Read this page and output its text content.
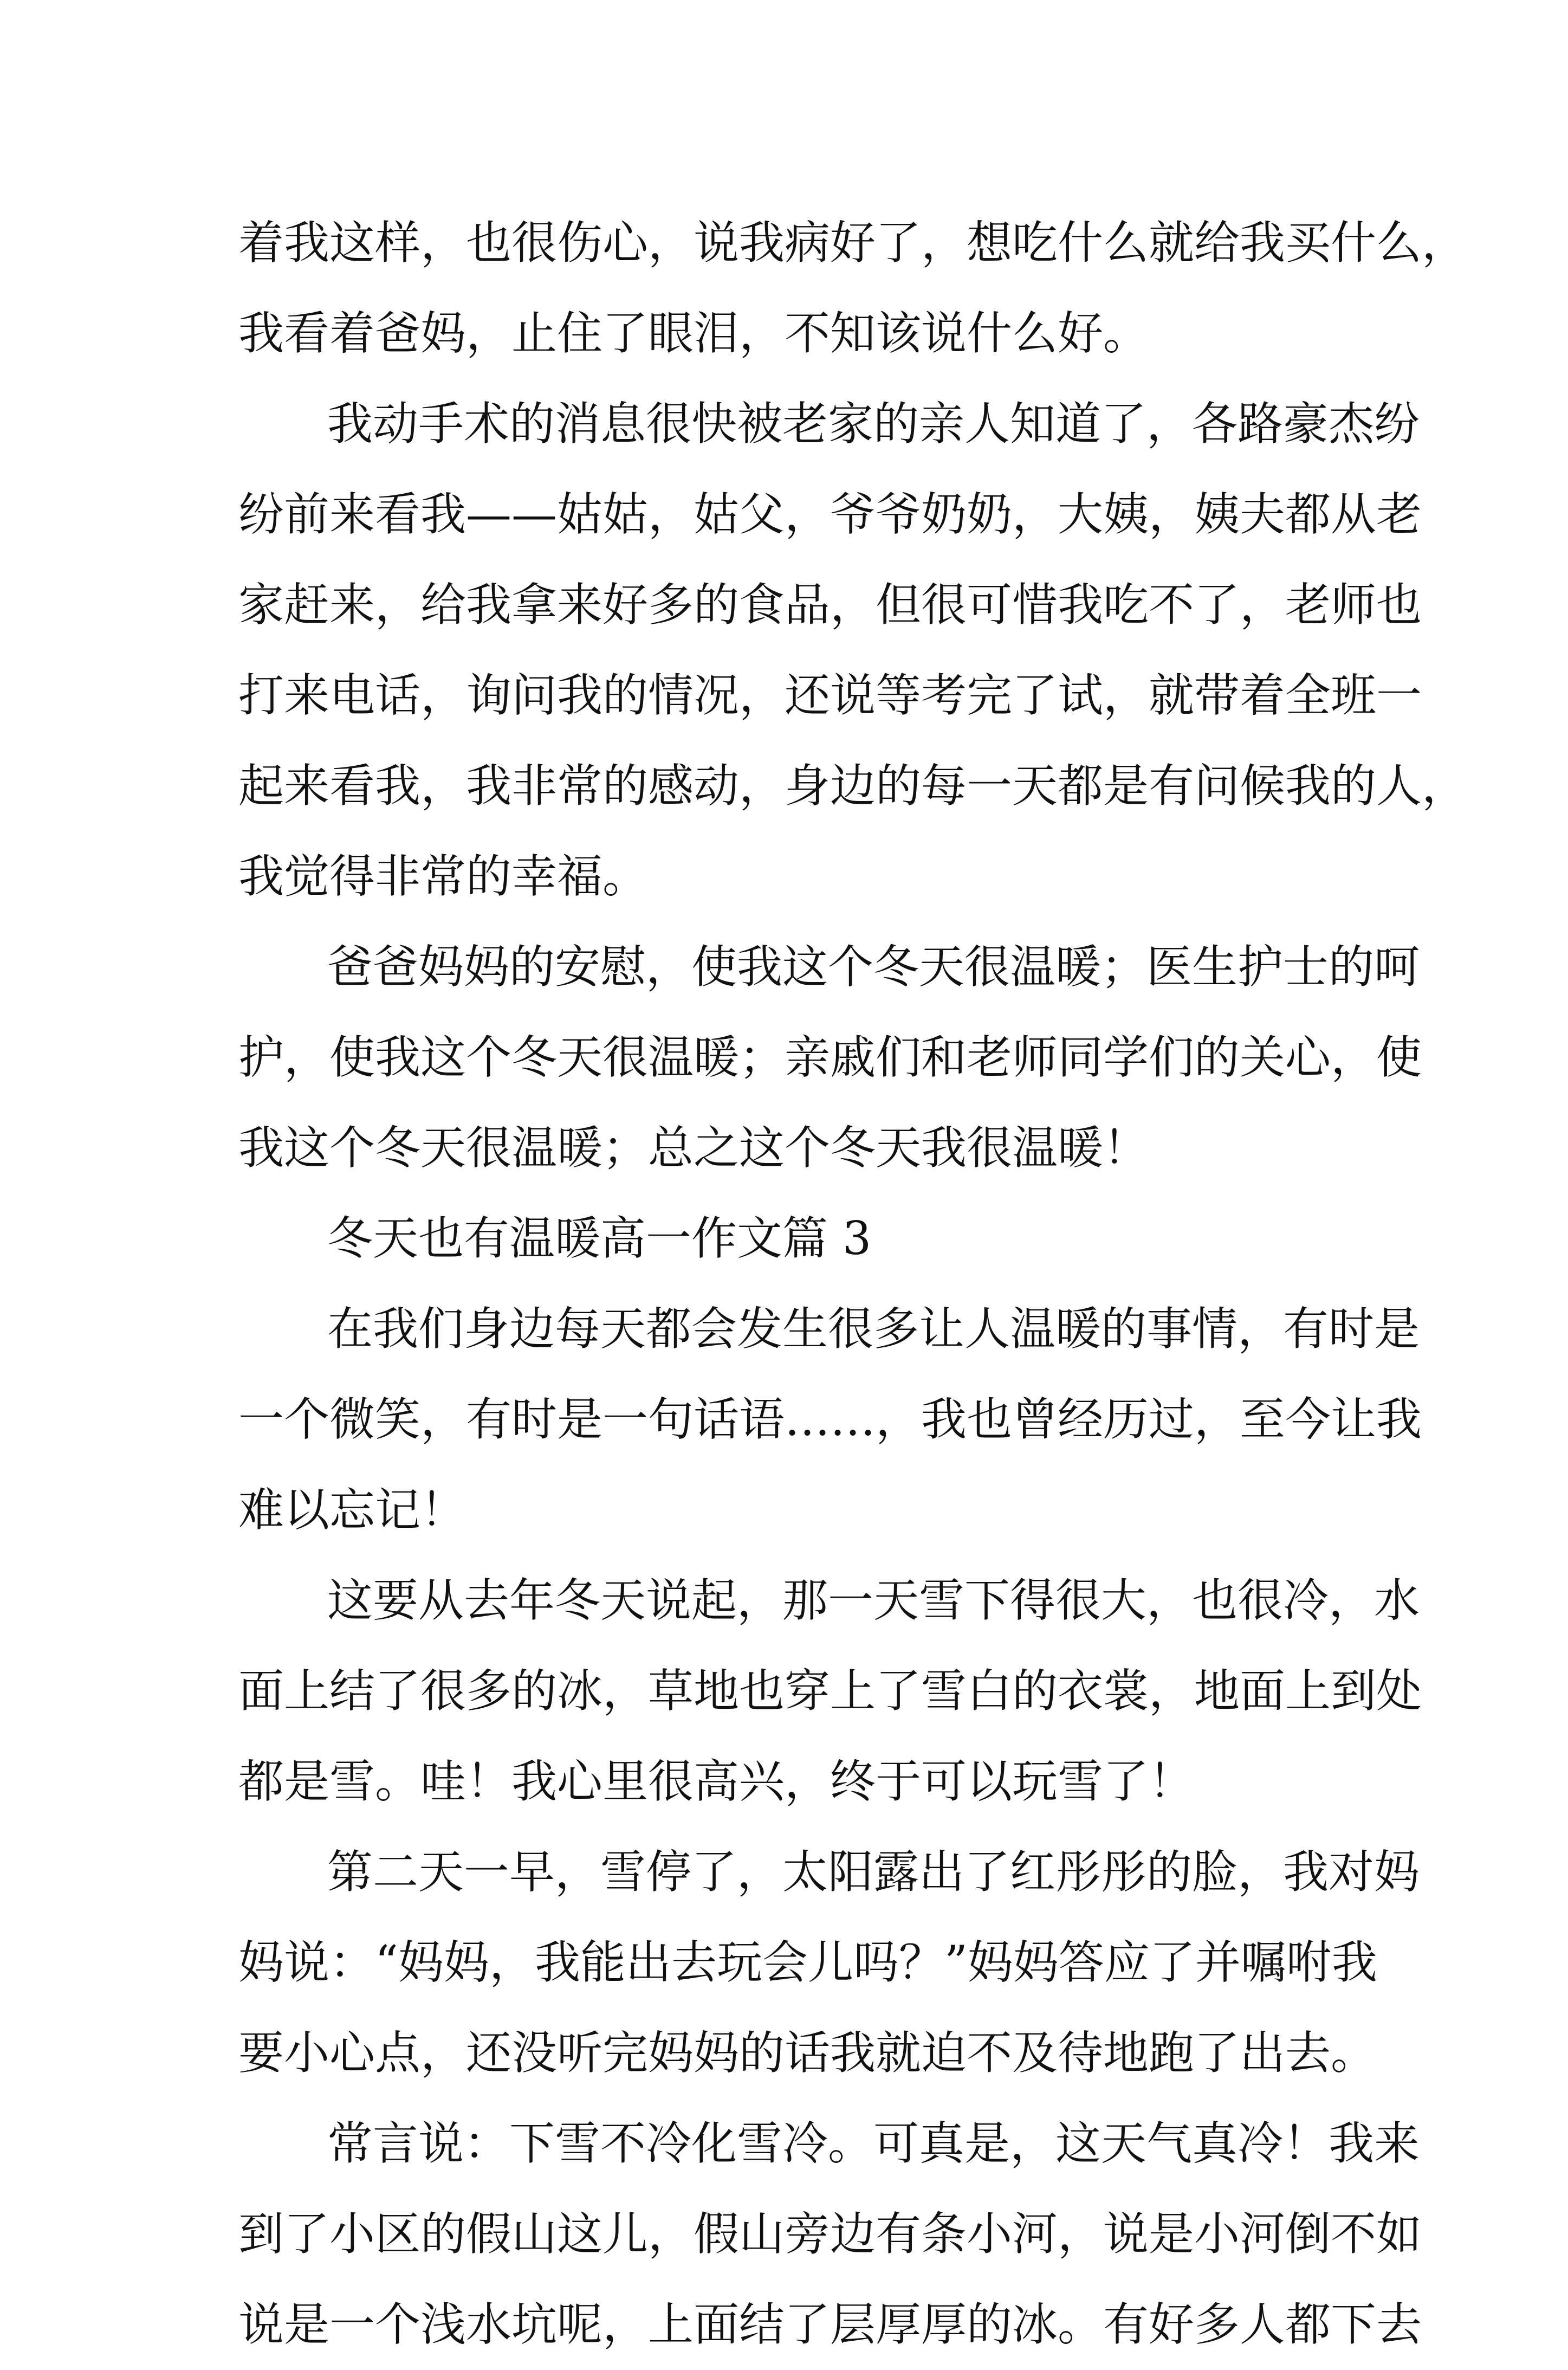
着我这样，也很伤心，说我病好了，想吃什么就给我买什么，
我看着爸妈，止住了眼泪，不知该说什么好。
我动手术的消息很快被老家的亲人知道了，各路豪杰纷
纷前来看我——姑姑，姑父，爷爷奶奶，大姨，姨夫都从老
家赶来，给我拿来好多的食品，但很可惜我吃不了，老师也
打来电话，询问我的情况，还说等考完了试，就带着全班一
起来看我，我非常的感动，身边的每一天都是有问候我的人，
我觉得非常的幸福。
爸爸妈妈的安慰，使我这个冬天很温暖；医生护士的呵
护，使我这个冬天很温暖；亲戚们和老师同学们的关心，使
我这个冬天很温暖；总之这个冬天我很温暖！
冬天也有温暖高一作文篇 3
在我们身边每天都会发生很多让人温暖的事情，有时是
一个微笑，有时是一句话语……，我也曾经历过，至今让我
难以忘记！
这要从去年冬天说起，那一天雪下得很大，也很冷，水
面上结了很多的冰，草地也穿上了雪白的衣裳，地面上到处
都是雪。哇！我心里很高兴，终于可以玩雪了！
第二天一早，雪停了，太阳露出了红彤彤的脸，我对妈
妈说：“妈妈，我能出去玩会儿吗？”妈妈答应了并嘱咐我
要小心点，还没听完妈妈的话我就迫不及待地跑了出去。
常言说：下雪不冷化雪冷。可真是，这天气真冷！我来
到了小区的假山这儿，假山旁边有条小河，说是小河倒不如
说是一个浅水坑呢，上面结了层厚厚的冰。有好多人都下去
